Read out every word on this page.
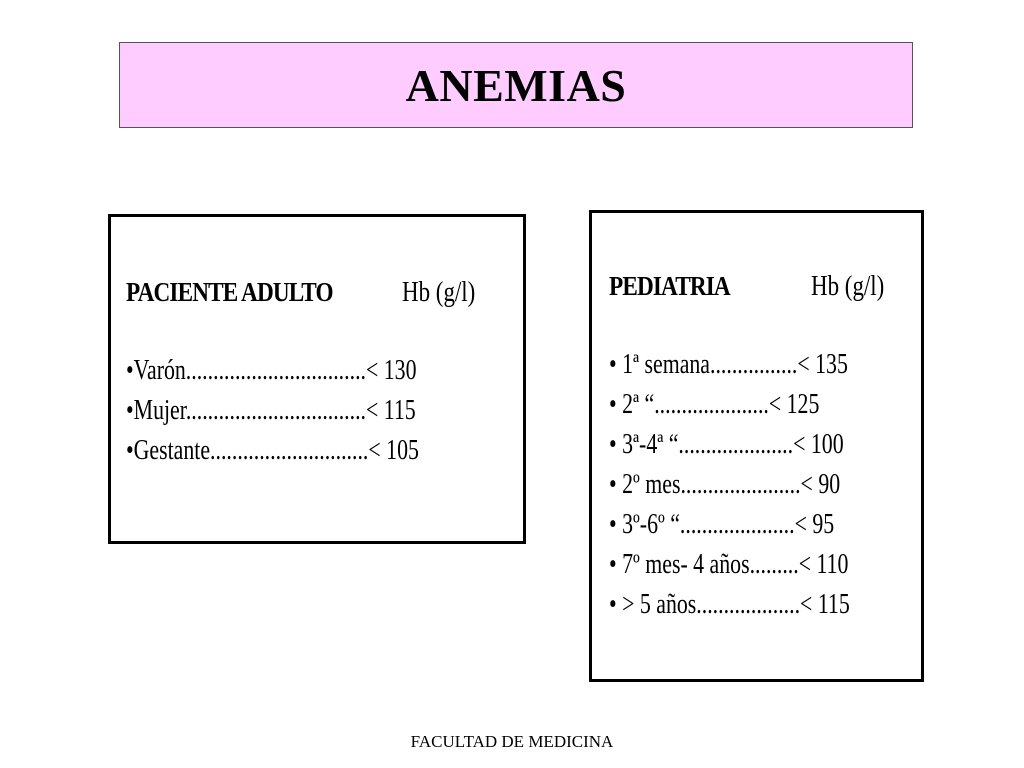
ANEMIAS
PACIENTE ADULTO	Hb (g/l)
•Varón.................................< 130
•Mujer.................................< 115
•Gestante.............................< 105
PEDIATRIA	Hb (g/l)
• 1ª semana................< 135
• 2ª “.....................< 125
• 3ª-4ª “.....................< 100
• 2º mes......................< 90
• 3º-6º “.....................< 95
• 7º mes- 4 años.........< 110
• > 5 años...................< 115
FACULTAD DE MEDICINA
